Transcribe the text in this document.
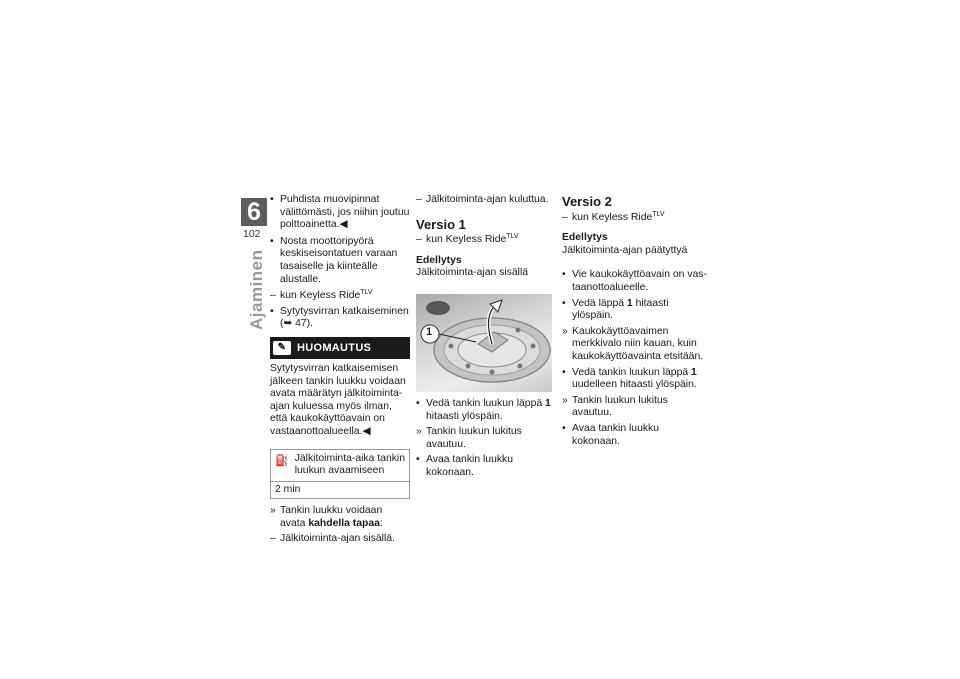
6
102
Ajaminen
• Puhdista muovipinnat välittömästi, jos niihin joutuu polttoainetta.◀
• Nosta moottoripyörä keskiseisontatuen varaan tasaiselle ja kiinteälle alustalle.
– kun Keyless Ride$^{TLV}$
• Sytytysvirran katkaiseminen (➥ 47).
✎ HUOMAUTUS
Sytytysvirran katkaisemisen jälkeen tankin luukku voidaan avata määrätyn jälkitoiminta-ajan kuluessa myös ilman, että kaukokäyttöavain on vastaanottoalueella.◀
⛽ Jälkitoiminta-aika tankin luukun avaamiseen
2 min
» Tankin luukku voidaan avata kahdella tapaa:
– Jälkitoiminta-ajan sisällä.
– Jälkitoiminta-ajan kuluttua.
Versio 1
– kun Keyless Ride$^{TLV}$
Edellytys
Jälkitoiminta-ajan sisällä
1
• Vedä tankin luukun läppä 1 hitaasti ylöspäin.
» Tankin luukun lukitus avautuu.
• Avaa tankin luukku kokonaan.
Versio 2
– kun Keyless Ride$^{TLV}$
Edellytys
Jälkitoiminta-ajan päätyttyä
• Vie kaukokäyttöavain on vastaanottoalueelle.
• Vedä läppä 1 hitaasti ylöspäin.
» Kaukokäyttöavaimen merkkivalo niin kauan, kuin kaukokäyttöavainta etsitään.
• Vedä tankin luukun läppä 1 uudelleen hitaasti ylöspäin.
» Tankin luukun lukitus avautuu.
• Avaa tankin luukku kokonaan.
